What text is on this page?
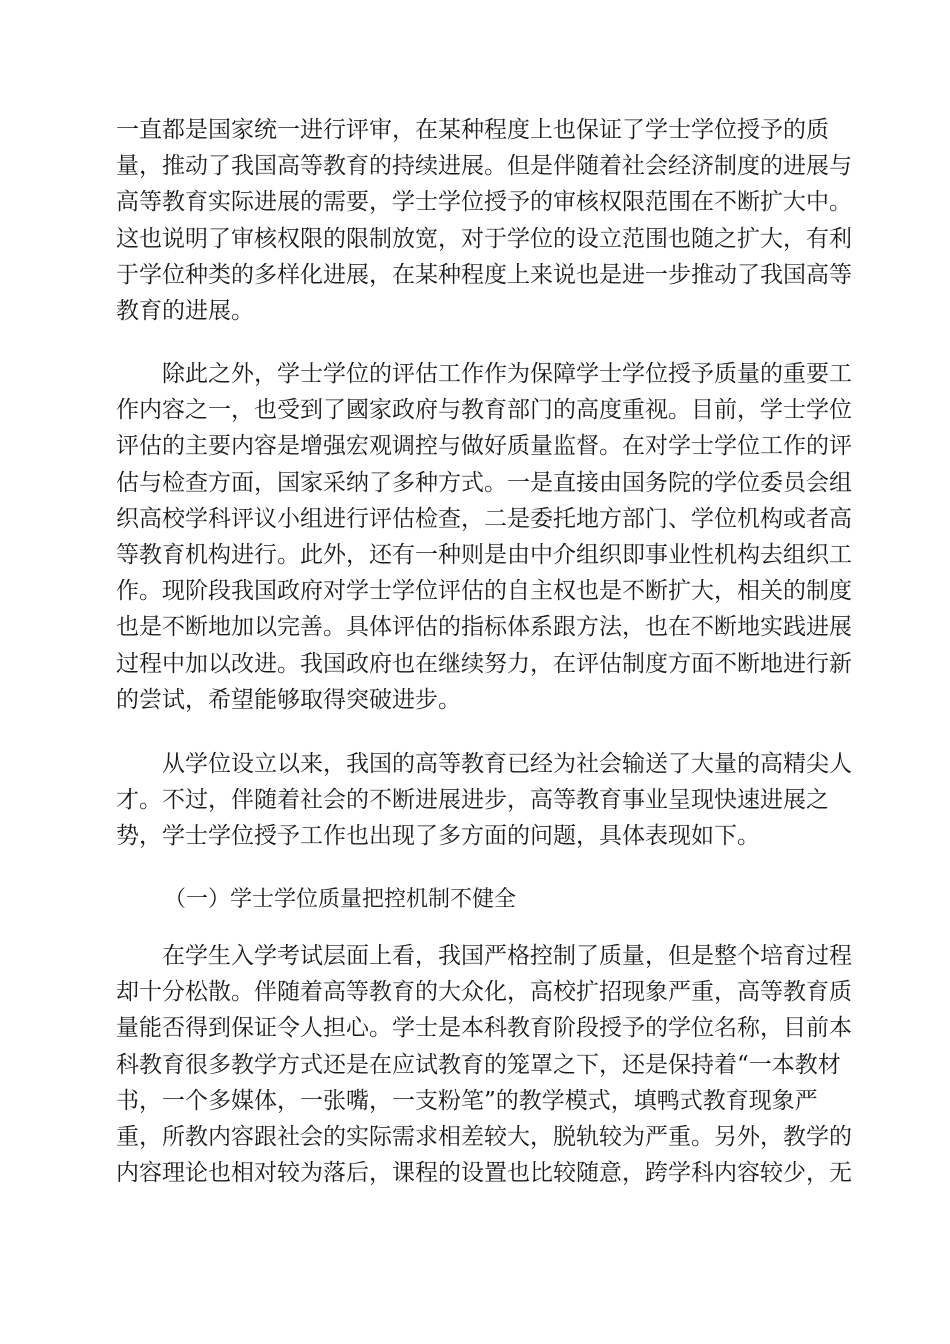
一直都是国家统一进行评审，在某种程度上也保证了学士学位授予的质
量，推动了我国高等教育的持续进展。但是伴随着社会经济制度的进展与
高等教育实际进展的需要，学士学位授予的审核权限范围在不断扩大中。
这也说明了审核权限的限制放宽，对于学位的设立范围也随之扩大，有利
于学位种类的多样化进展，在某种程度上来说也是进一步推动了我国高等
教育的进展。
　　除此之外，学士学位的评估工作作为保障学士学位授予质量的重要工
作内容之一，也受到了國家政府与教育部门的高度重视。目前，学士学位
评估的主要内容是增强宏观调控与做好质量监督。在对学士学位工作的评
估与检查方面，国家采纳了多种方式。一是直接由国务院的学位委员会组
织高校学科评议小组进行评估检查，二是委托地方部门、学位机构或者高
等教育机构进行。此外，还有一种则是由中介组织即事业性机构去组织工
作。现阶段我国政府对学士学位评估的自主权也是不断扩大，相关的制度
也是不断地加以完善。具体评估的指标体系跟方法，也在不断地实践进展
过程中加以改进。我国政府也在继续努力，在评估制度方面不断地进行新
的尝试，希望能够取得突破进步。
　　从学位设立以来，我国的高等教育已经为社会输送了大量的高精尖人
才。不过，伴随着社会的不断进展进步，高等教育事业呈现快速进展之
势，学士学位授予工作也出现了多方面的问题，具体表现如下。
（一）学士学位质量把控机制不健全
　　在学生入学考试层面上看，我国严格控制了质量，但是整个培育过程
却十分松散。伴随着高等教育的大众化，高校扩招现象严重，高等教育质
量能否得到保证令人担心。学士是本科教育阶段授予的学位名称，目前本
科教育很多教学方式还是在应试教育的笼罩之下，还是保持着“一本教材
书，一个多媒体，一张嘴，一支粉笔”的教学模式，填鸭式教育现象严
重，所教内容跟社会的实际需求相差较大，脱轨较为严重。另外，教学的
内容理论也相对较为落后，课程的设置也比较随意，跨学科内容较少，无
